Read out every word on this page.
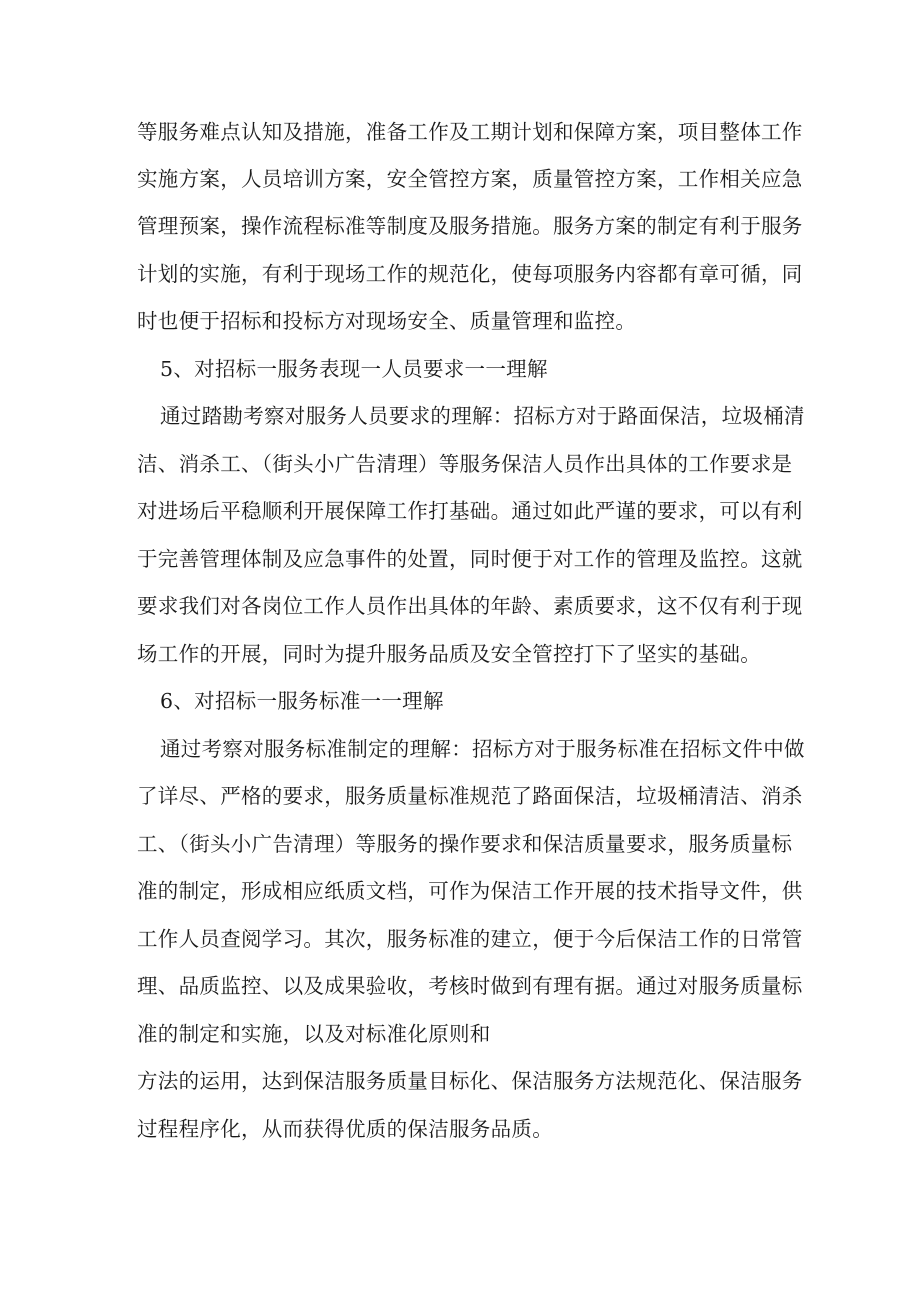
等服务难点认知及措施，准备工作及工期计划和保障方案，项目整体工作
实施方案，人员培训方案，安全管控方案，质量管控方案，工作相关应急
管理预案，操作流程标准等制度及服务措施。服务方案的制定有利于服务
计划的实施，有利于现场工作的规范化，使每项服务内容都有章可循，同
时也便于招标和投标方对现场安全、质量管理和监控。
5、对招标一服务表现一人员要求一一理解
通过踏勘考察对服务人员要求的理解：招标方对于路面保洁，垃圾桶清
洁、消杀工、（街头小广告清理）等服务保洁人员作出具体的工作要求是
对进场后平稳顺利开展保障工作打基础。通过如此严谨的要求，可以有利
于完善管理体制及应急事件的处置，同时便于对工作的管理及监控。这就
要求我们对各岗位工作人员作出具体的年龄、素质要求，这不仅有利于现
场工作的开展，同时为提升服务品质及安全管控打下了坚实的基础。
6、对招标一服务标准一一理解
通过考察对服务标准制定的理解：招标方对于服务标准在招标文件中做
了详尽、严格的要求，服务质量标准规范了路面保洁，垃圾桶清洁、消杀
工、（街头小广告清理）等服务的操作要求和保洁质量要求，服务质量标
准的制定，形成相应纸质文档，可作为保洁工作开展的技术指导文件，供
工作人员查阅学习。其次，服务标准的建立，便于今后保洁工作的日常管
理、品质监控、以及成果验收，考核时做到有理有据。通过对服务质量标
准的制定和实施，以及对标准化原则和
方法的运用，达到保洁服务质量目标化、保洁服务方法规范化、保洁服务
过程程序化，从而获得优质的保洁服务品质。
